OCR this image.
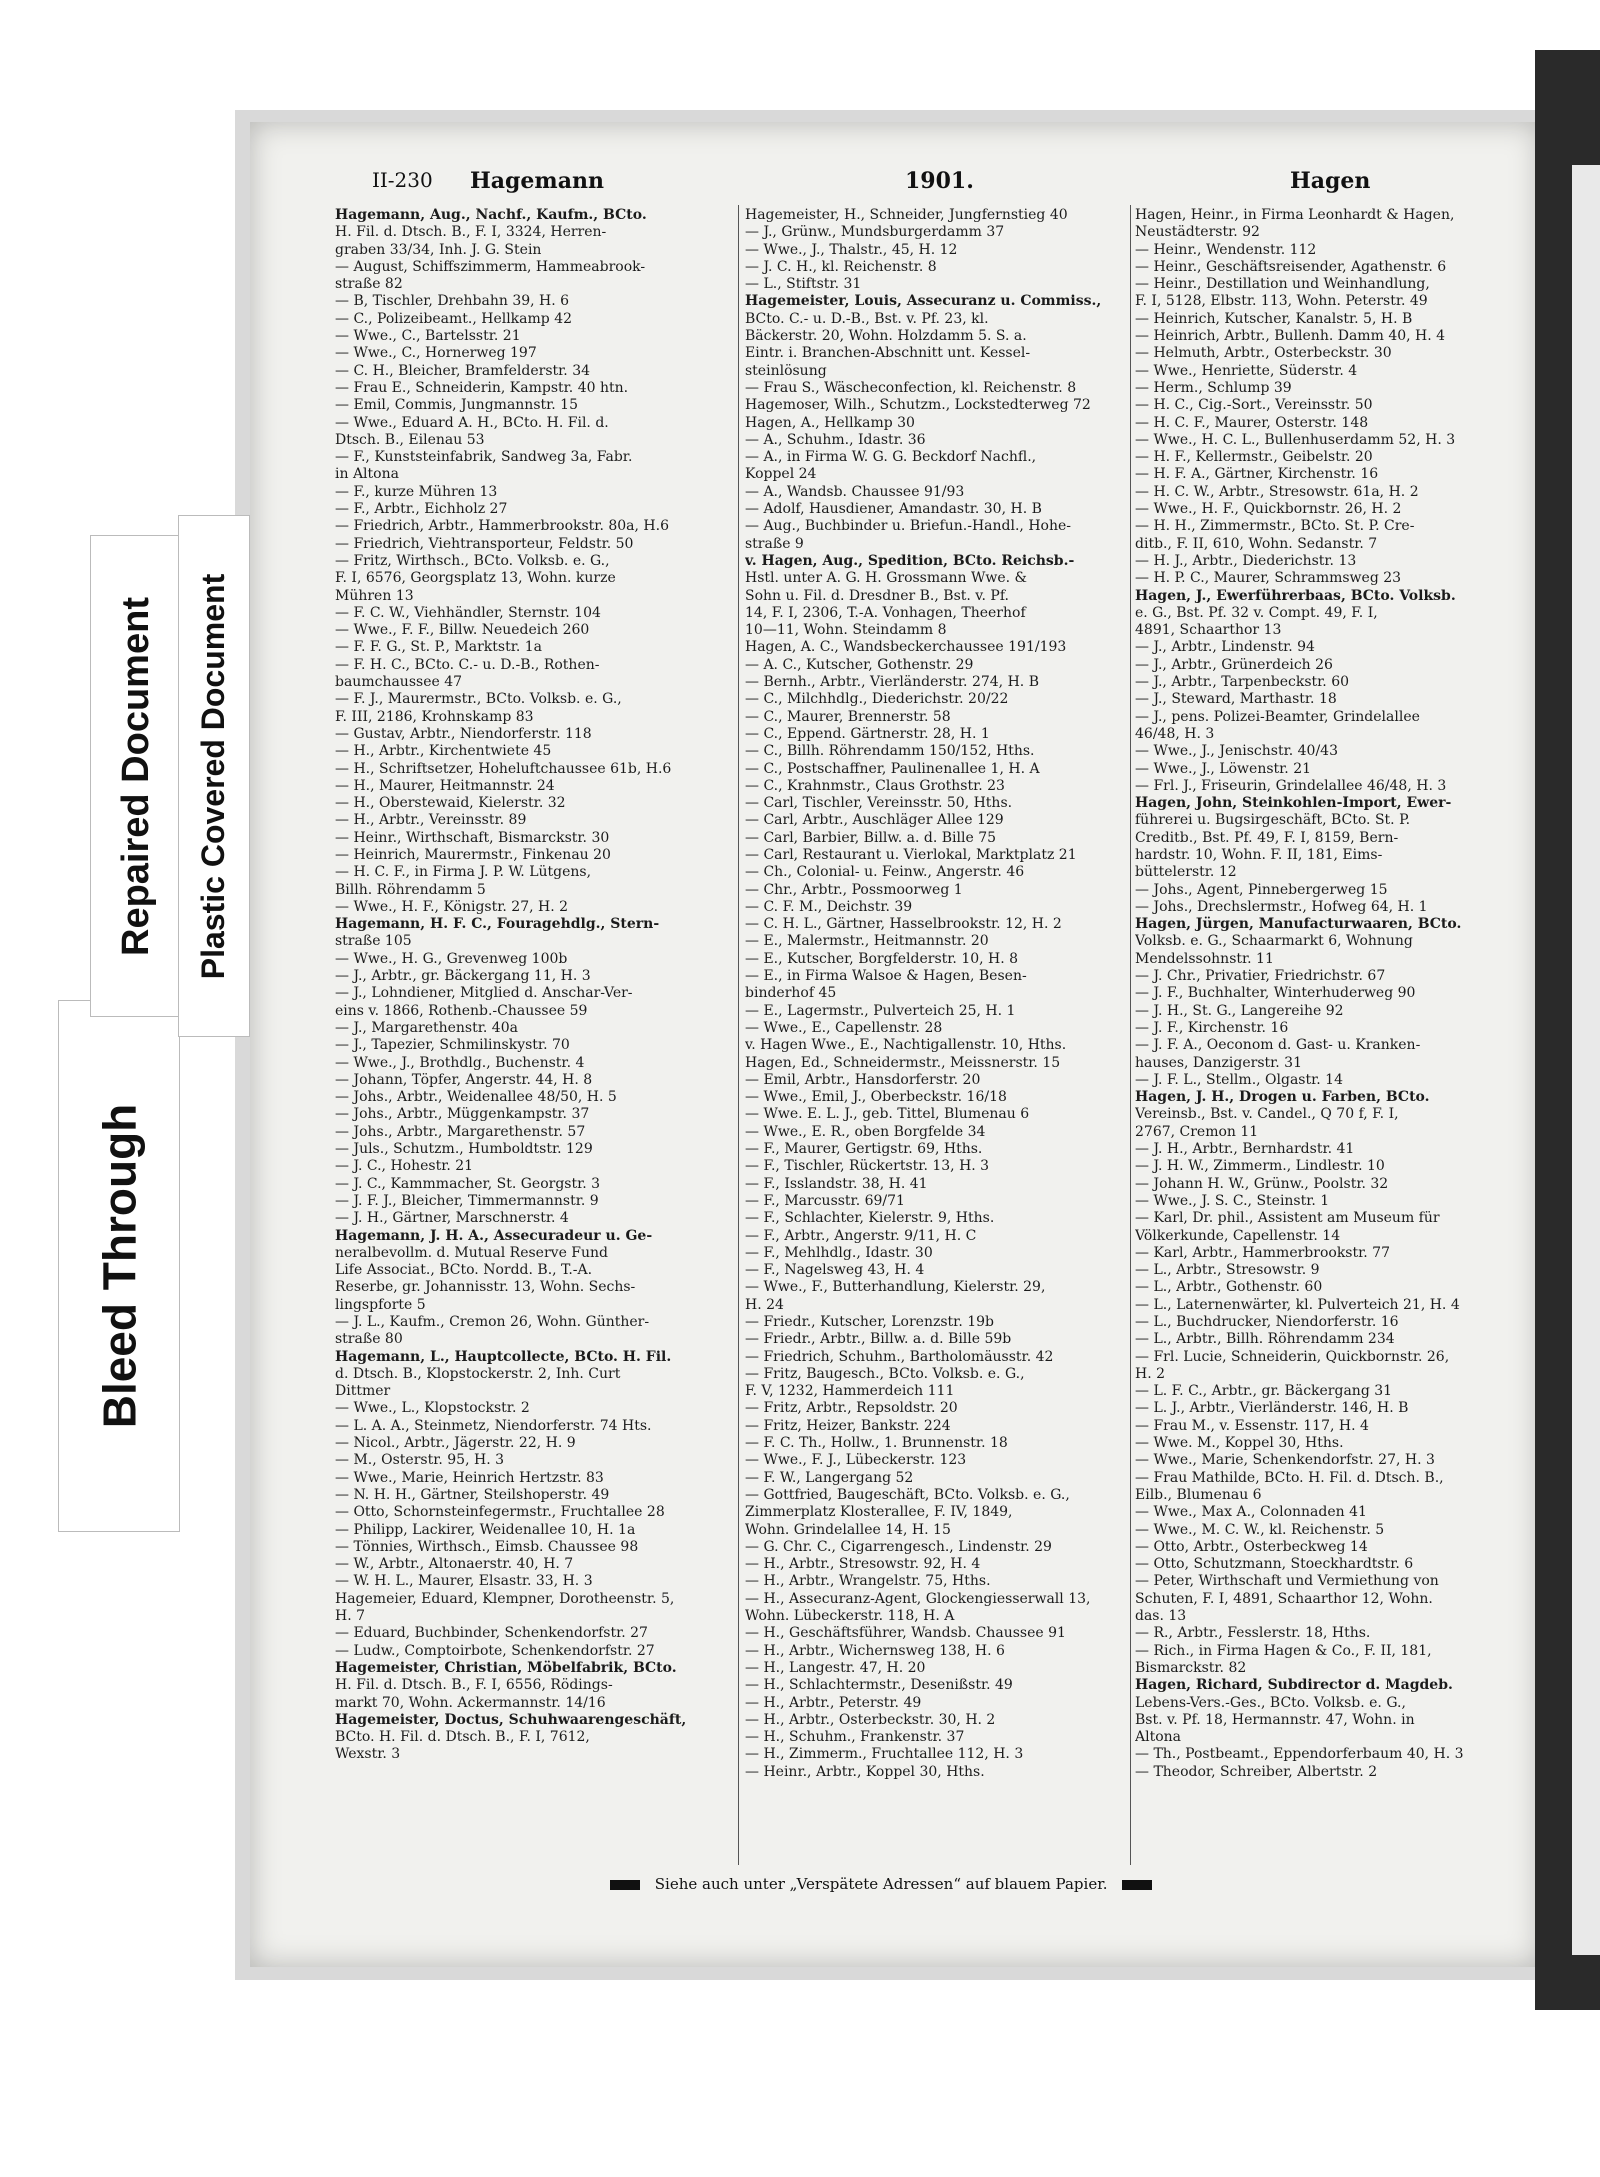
Bleed Through
Repaired Document Plastic Covered Document
II-230 Hagemann	1901.	Hagen
Hagemann, Aug., Nachf., Kaufm., BCto.
H. Fil. d. Dtsch. B., F. I, 3324, Herren-
graben 33/34, Inh. J. G. Stein
— August, Schiffszimmerm, Hammeabrook-
straße 82
— B, Tischler, Drehbahn 39, H. 6
— C., Polizeibeamt., Hellkamp 42
— Wwe., C., Bartelsstr. 21
— Wwe., C., Hornerweg 197
— C. H., Bleicher, Bramfelderstr. 34
— Frau E., Schneiderin, Kampstr. 40 htn.
— Emil, Commis, Jungmannstr. 15
— Wwe., Eduard A. H., BCto. H. Fil. d.
Dtsch. B., Eilenau 53
— F., Kunststeinfabrik, Sandweg 3a, Fabr.
in Altona
— F., kurze Mühren 13
— F., Arbtr., Eichholz 27
— Friedrich, Arbtr., Hammerbrookstr. 80a, H.6
— Friedrich, Viehtransporteur, Feldstr. 50
— Fritz, Wirthsch., BCto. Volksb. e. G.,
F. I, 6576, Georgsplatz 13, Wohn. kurze
Mühren 13
— F. C. W., Viehhändler, Sternstr. 104
— Wwe., F. F., Billw. Neuedeich 260
— F. F. G., St. P., Marktstr. 1a
— F. H. C., BCto. C.- u. D.-B., Rothen-
baumchaussee 47
— F. J., Maurermstr., BCto. Volksb. e. G.,
F. III, 2186, Krohnskamp 83
— Gustav, Arbtr., Niendorferstr. 118
— H., Arbtr., Kirchentwiete 45
— H., Schriftsetzer, Hoheluftchaussee 61b, H.6
— H., Maurer, Heitmannstr. 24
— H., Oberstewaid, Kielerstr. 32
— H., Arbtr., Vereinsstr. 89
— Heinr., Wirthschaft, Bismarckstr. 30
— Heinrich, Maurermstr., Finkenau 20
— H. C. F., in Firma J. P. W. Lütgens,
Billh. Röhrendamm 5
— Wwe., H. F., Königstr. 27, H. 2
Hagemann, H. F. C., Fouragehdlg., Stern-
straße 105
— Wwe., H. G., Grevenweg 100b
— J., Arbtr., gr. Bäckergang 11, H. 3
— J., Lohndiener, Mitglied d. Anschar-Ver-
eins v. 1866, Rothenb.-Chaussee 59
— J., Margarethenstr. 40a
— J., Tapezier, Schmilinskystr. 70
— Wwe., J., Brothdlg., Buchenstr. 4
— Johann, Töpfer, Angerstr. 44, H. 8
— Johs., Arbtr., Weidenallee 48/50, H. 5
— Johs., Arbtr., Müggenkampstr. 37
— Johs., Arbtr., Margarethenstr. 57
— Juls., Schutzm., Humboldtstr. 129
— J. C., Hohestr. 21
— J. C., Kammmacher, St. Georgstr. 3
— J. F. J., Bleicher, Timmermannstr. 9
— J. H., Gärtner, Marschnerstr. 4
Hagemann, J. H. A., Assecuradeur u. Ge-
neralbevollm. d. Mutual Reserve Fund
Life Associat., BCto. Nordd. B., T.-A.
Reserbe, gr. Johannisstr. 13, Wohn. Sechs-
lingspforte 5
— J. L., Kaufm., Cremon 26, Wohn. Günther-
straße 80
Hagemann, L., Hauptcollecte, BCto. H. Fil.
d. Dtsch. B., Klopstockerstr. 2, Inh. Curt
Dittmer
— Wwe., L., Klopstockstr. 2
— L. A. A., Steinmetz, Niendorferstr. 74 Hts.
— Nicol., Arbtr., Jägerstr. 22, H. 9
— M., Osterstr. 95, H. 3
— Wwe., Marie, Heinrich Hertzstr. 83
— N. H. H., Gärtner, Steilshoperstr. 49
— Otto, Schornsteinfegermstr., Fruchtallee 28
— Philipp, Lackirer, Weidenallee 10, H. 1a
— Tönnies, Wirthsch., Eimsb. Chaussee 98
— W., Arbtr., Altonaerstr. 40, H. 7
— W. H. L., Maurer, Elsastr. 33, H. 3
Hagemeier, Eduard, Klempner, Dorotheenstr. 5,
H. 7
— Eduard, Buchbinder, Schenkendorfstr. 27
— Ludw., Comptoirbote, Schenkendorfstr. 27
Hagemeister, Christian, Möbelfabrik, BCto.
H. Fil. d. Dtsch. B., F. I, 6556, Rödings-
markt 70, Wohn. Ackermannstr. 14/16
Hagemeister, Doctus, Schuhwaarengeschäft,
BCto. H. Fil. d. Dtsch. B., F. I, 7612,
Wexstr. 3
Hagemeister, H., Schneider, Jungfernstieg 40
— J., Grünw., Mundsburgerdamm 37
— Wwe., J., Thalstr., 45, H. 12
— J. C. H., kl. Reichenstr. 8
— L., Stiftstr. 31
Hagemeister, Louis, Assecuranz u. Commiss.,
BCto. C.- u. D.-B., Bst. v. Pf. 23, kl.
Bäckerstr. 20, Wohn. Holzdamm 5. S. a.
Eintr. i. Branchen-Abschnitt unt. Kessel-
steinlösung
— Frau S., Wäscheconfection, kl. Reichenstr. 8
Hagemoser, Wilh., Schutzm., Lockstedterweg 72
Hagen, A., Hellkamp 30
— A., Schuhm., Idastr. 36
— A., in Firma W. G. G. Beckdorf Nachfl.,
Koppel 24
— A., Wandsb. Chaussee 91/93
— Adolf, Hausdiener, Amandastr. 30, H. B
— Aug., Buchbinder u. Briefun.-Handl., Hohe-
straße 9
v. Hagen, Aug., Spedition, BCto. Reichsb.-
Hstl. unter A. G. H. Grossmann Wwe. &
Sohn u. Fil. d. Dresdner B., Bst. v. Pf.
14, F. I, 2306, T.-A. Vonhagen, Theerhof
10—11, Wohn. Steindamm 8
Hagen, A. C., Wandsbeckerchaussee 191/193
— A. C., Kutscher, Gothenstr. 29
— Bernh., Arbtr., Vierländerstr. 274, H. B
— C., Milchhdlg., Diederichstr. 20/22
— C., Maurer, Brennerstr. 58
— C., Eppend. Gärtnerstr. 28, H. 1
— C., Billh. Röhrendamm 150/152, Hths.
— C., Postschaffner, Paulinenallee 1, H. A
— C., Krahnmstr., Claus Grothstr. 23
— Carl, Tischler, Vereinsstr. 50, Hths.
— Carl, Arbtr., Auschläger Allee 129
— Carl, Barbier, Billw. a. d. Bille 75
— Carl, Restaurant u. Vierlokal, Marktplatz 21
— Ch., Colonial- u. Feinw., Angerstr. 46
— Chr., Arbtr., Possmoorweg 1
— C. F. M., Deichstr. 39
— C. H. L., Gärtner, Hasselbrookstr. 12, H. 2
— E., Malermstr., Heitmannstr. 20
— E., Kutscher, Borgfelderstr. 10, H. 8
— E., in Firma Walsoe & Hagen, Besen-
binderhof 45
— E., Lagermstr., Pulverteich 25, H. 1
— Wwe., E., Capellenstr. 28
v. Hagen Wwe., E., Nachtigallenstr. 10, Hths.
Hagen, Ed., Schneidermstr., Meissnerstr. 15
— Emil, Arbtr., Hansdorferstr. 20
— Wwe., Emil, J., Oberbeckstr. 16/18
— Wwe. E. L. J., geb. Tittel, Blumenau 6
— Wwe., E. R., oben Borgfelde 34
— F., Maurer, Gertigstr. 69, Hths.
— F., Tischler, Rückertstr. 13, H. 3
— F., Isslandstr. 38, H. 41
— F., Marcusstr. 69/71
— F., Schlachter, Kielerstr. 9, Hths.
— F., Arbtr., Angerstr. 9/11, H. C
— F., Mehlhdlg., Idastr. 30
— F., Nagelsweg 43, H. 4
— Wwe., F., Butterhandlung, Kielerstr. 29,
H. 24
— Friedr., Kutscher, Lorenzstr. 19b
— Friedr., Arbtr., Billw. a. d. Bille 59b
— Friedrich, Schuhm., Bartholomäusstr. 42
— Fritz, Baugesch., BCto. Volksb. e. G.,
F. V, 1232, Hammerdeich 111
— Fritz, Arbtr., Repsoldstr. 20
— Fritz, Heizer, Bankstr. 224
— F. C. Th., Hollw., 1. Brunnenstr. 18
— Wwe., F. J., Lübeckerstr. 123
— F. W., Langergang 52
— Gottfried, Baugeschäft, BCto. Volksb. e. G.,
Zimmerplatz Klosterallee, F. IV, 1849,
Wohn. Grindelallee 14, H. 15
— G. Chr. C., Cigarrengesch., Lindenstr. 29
— H., Arbtr., Stresowstr. 92, H. 4
— H., Arbtr., Wrangelstr. 75, Hths.
— H., Assecuranz-Agent, Glockengiesserwall 13,
Wohn. Lübeckerstr. 118, H. A
— H., Geschäftsführer, Wandsb. Chaussee 91
— H., Arbtr., Wichernsweg 138, H. 6
— H., Langestr. 47, H. 20
— H., Schlachtermstr., Desenißstr. 49
— H., Arbtr., Peterstr. 49
— H., Arbtr., Osterbeckstr. 30, H. 2
— H., Schuhm., Frankenstr. 37
— H., Zimmerm., Fruchtallee 112, H. 3
— Heinr., Arbtr., Koppel 30, Hths.
Hagen, Heinr., in Firma Leonhardt & Hagen,
Neustädterstr. 92
— Heinr., Wendenstr. 112
— Heinr., Geschäftsreisender, Agathenstr. 6
— Heinr., Destillation und Weinhandlung,
F. I, 5128, Elbstr. 113, Wohn. Peterstr. 49
— Heinrich, Kutscher, Kanalstr. 5, H. B
— Heinrich, Arbtr., Bullenh. Damm 40, H. 4
— Helmuth, Arbtr., Osterbeckstr. 30
— Wwe., Henriette, Süderstr. 4
— Herm., Schlump 39
— H. C., Cig.-Sort., Vereinsstr. 50
— H. C. F., Maurer, Osterstr. 148
— Wwe., H. C. L., Bullenhuserdamm 52, H. 3
— H. F., Kellermstr., Geibelstr. 20
— H. F. A., Gärtner, Kirchenstr. 16
— H. C. W., Arbtr., Stresowstr. 61a, H. 2
— Wwe., H. F., Quickbornstr. 26, H. 2
— H. H., Zimmermstr., BCto. St. P. Cre-
ditb., F. II, 610, Wohn. Sedanstr. 7
— H. J., Arbtr., Diederichstr. 13
— H. P. C., Maurer, Schrammsweg 23
Hagen, J., Ewerführerbaas, BCto. Volksb.
e. G., Bst. Pf. 32 v. Compt. 49, F. I,
4891, Schaarthor 13
— J., Arbtr., Lindenstr. 94
— J., Arbtr., Grünerdeich 26
— J., Arbtr., Tarpenbeckstr. 60
— J., Steward, Marthastr. 18
— J., pens. Polizei-Beamter, Grindelallee
46/48, H. 3
— Wwe., J., Jenischstr. 40/43
— Wwe., J., Löwenstr. 21
— Frl. J., Friseurin, Grindelallee 46/48, H. 3
Hagen, John, Steinkohlen-Import, Ewer-
führerei u. Bugsirgeschäft, BCto. St. P.
Creditb., Bst. Pf. 49, F. I, 8159, Bern-
hardstr. 10, Wohn. F. II, 181, Eims-
büttelerstr. 12
— Johs., Agent, Pinnebergerweg 15
— Johs., Drechslermstr., Hofweg 64, H. 1
Hagen, Jürgen, Manufacturwaaren, BCto.
Volksb. e. G., Schaarmarkt 6, Wohnung
Mendelssohnstr. 11
— J. Chr., Privatier, Friedrichstr. 67
— J. F., Buchhalter, Winterhuderweg 90
— J. H., St. G., Langereihe 92
— J. F., Kirchenstr. 16
— J. F. A., Oeconom d. Gast- u. Kranken-
hauses, Danzigerstr. 31
— J. F. L., Stellm., Olgastr. 14
Hagen, J. H., Drogen u. Farben, BCto.
Vereinsb., Bst. v. Candel., Q 70 f, F. I,
2767, Cremon 11
— J. H., Arbtr., Bernhardstr. 41
— J. H. W., Zimmerm., Lindlestr. 10
— Johann H. W., Grünw., Poolstr. 32
— Wwe., J. S. C., Steinstr. 1
— Karl, Dr. phil., Assistent am Museum für
Völkerkunde, Capellenstr. 14
— Karl, Arbtr., Hammerbrookstr. 77
— L., Arbtr., Stresowstr. 9
— L., Arbtr., Gothenstr. 60
— L., Laternenwärter, kl. Pulverteich 21, H. 4
— L., Buchdrucker, Niendorferstr. 16
— L., Arbtr., Billh. Röhrendamm 234
— Frl. Lucie, Schneiderin, Quickbornstr. 26,
H. 2
— L. F. C., Arbtr., gr. Bäckergang 31
— L. J., Arbtr., Vierländerstr. 146, H. B
— Frau M., v. Essenstr. 117, H. 4
— Wwe. M., Koppel 30, Hths.
— Wwe., Marie, Schenkendorfstr. 27, H. 3
— Frau Mathilde, BCto. H. Fil. d. Dtsch. B.,
Eilb., Blumenau 6
— Wwe., Max A., Colonnaden 41
— Wwe., M. C. W., kl. Reichenstr. 5
— Otto, Arbtr., Osterbeckweg 14
— Otto, Schutzmann, Stoeckhardtstr. 6
— Peter, Wirthschaft und Vermiethung von
Schuten, F. I, 4891, Schaarthor 12, Wohn.
das. 13
— R., Arbtr., Fesslerstr. 18, Hths.
— Rich., in Firma Hagen & Co., F. II, 181,
Bismarckstr. 82
Hagen, Richard, Subdirector d. Magdeb.
Lebens-Vers.-Ges., BCto. Volksb. e. G.,
Bst. v. Pf. 18, Hermannstr. 47, Wohn. in
Altona
— Th., Postbeamt., Eppendorferbaum 40, H. 3
— Theodor, Schreiber, Albertstr. 2
Siehe auch unter „Verspätete Adressen“ auf blauem Papier.
